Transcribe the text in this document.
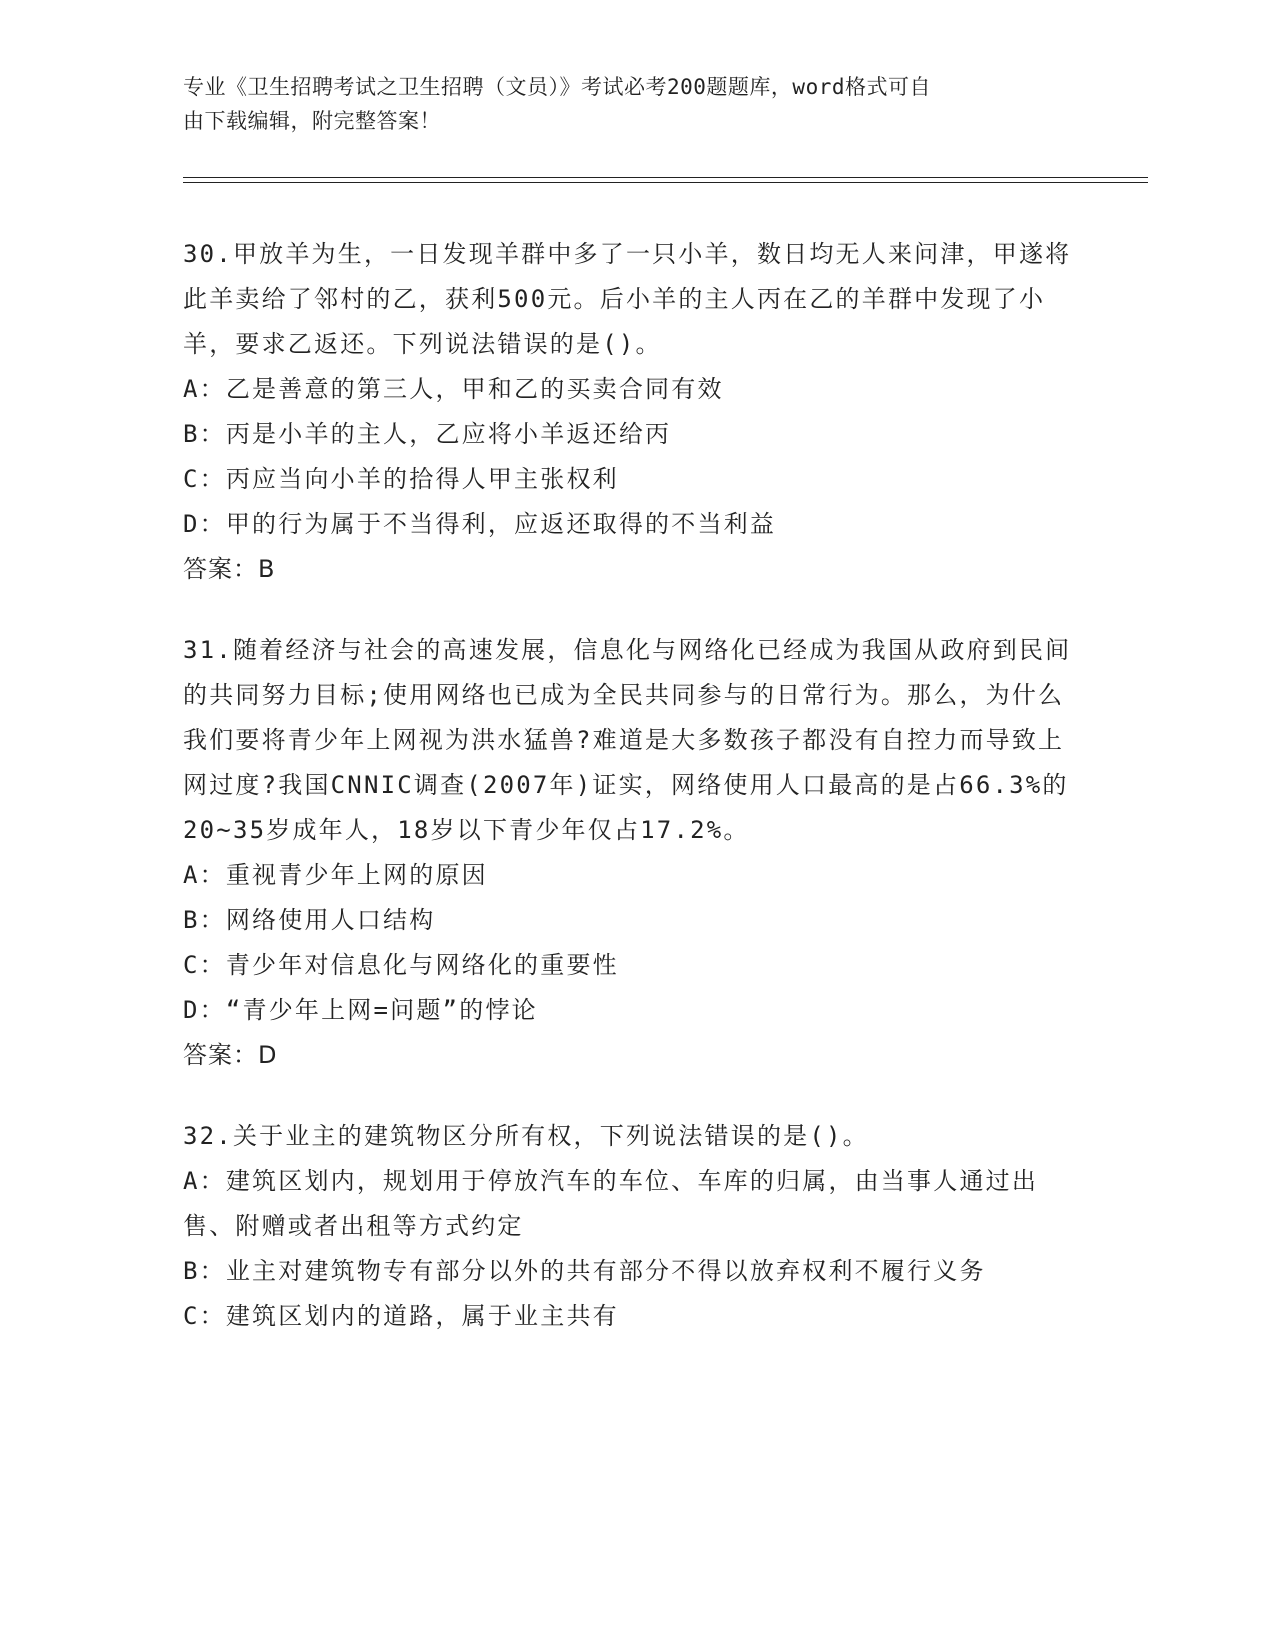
专业《卫生招聘考试之卫生招聘（文员）》考试必考200题题库，word格式可自
由下载编辑，附完整答案！

30.甲放羊为生，一日发现羊群中多了一只小羊，数日均无人来问津，甲遂将此羊卖给了邻村的乙，获利500元。后小羊的主人丙在乙的羊群中发现了小羊，要求乙返还。下列说法错误的是()。

A：乙是善意的第三人，甲和乙的买卖合同有效

B：丙是小羊的主人，乙应将小羊返还给丙

C：丙应当向小羊的拾得人甲主张权利

D：甲的行为属于不当得利，应返还取得的不当利益

答案：B

31.随着经济与社会的高速发展，信息化与网络化已经成为我国从政府到民间的共同努力目标;使用网络也已成为全民共同参与的日常行为。那么，为什么我们要将青少年上网视为洪水猛兽?难道是大多数孩子都没有自控力而导致上网过度?我国CNNIC调查(2007年)证实，网络使用人口最高的是占66.3%的20~35岁成年人，18岁以下青少年仅占17.2%。

A：重视青少年上网的原因

B：网络使用人口结构

C：青少年对信息化与网络化的重要性

D：“青少年上网=问题”的悖论

答案：D

32.关于业主的建筑物区分所有权，下列说法错误的是()。

A：建筑区划内，规划用于停放汽车的车位、车库的归属，由当事人通过出售、附赠或者出租等方式约定

B：业主对建筑物专有部分以外的共有部分不得以放弃权利不履行义务

C：建筑区划内的道路，属于业主共有
